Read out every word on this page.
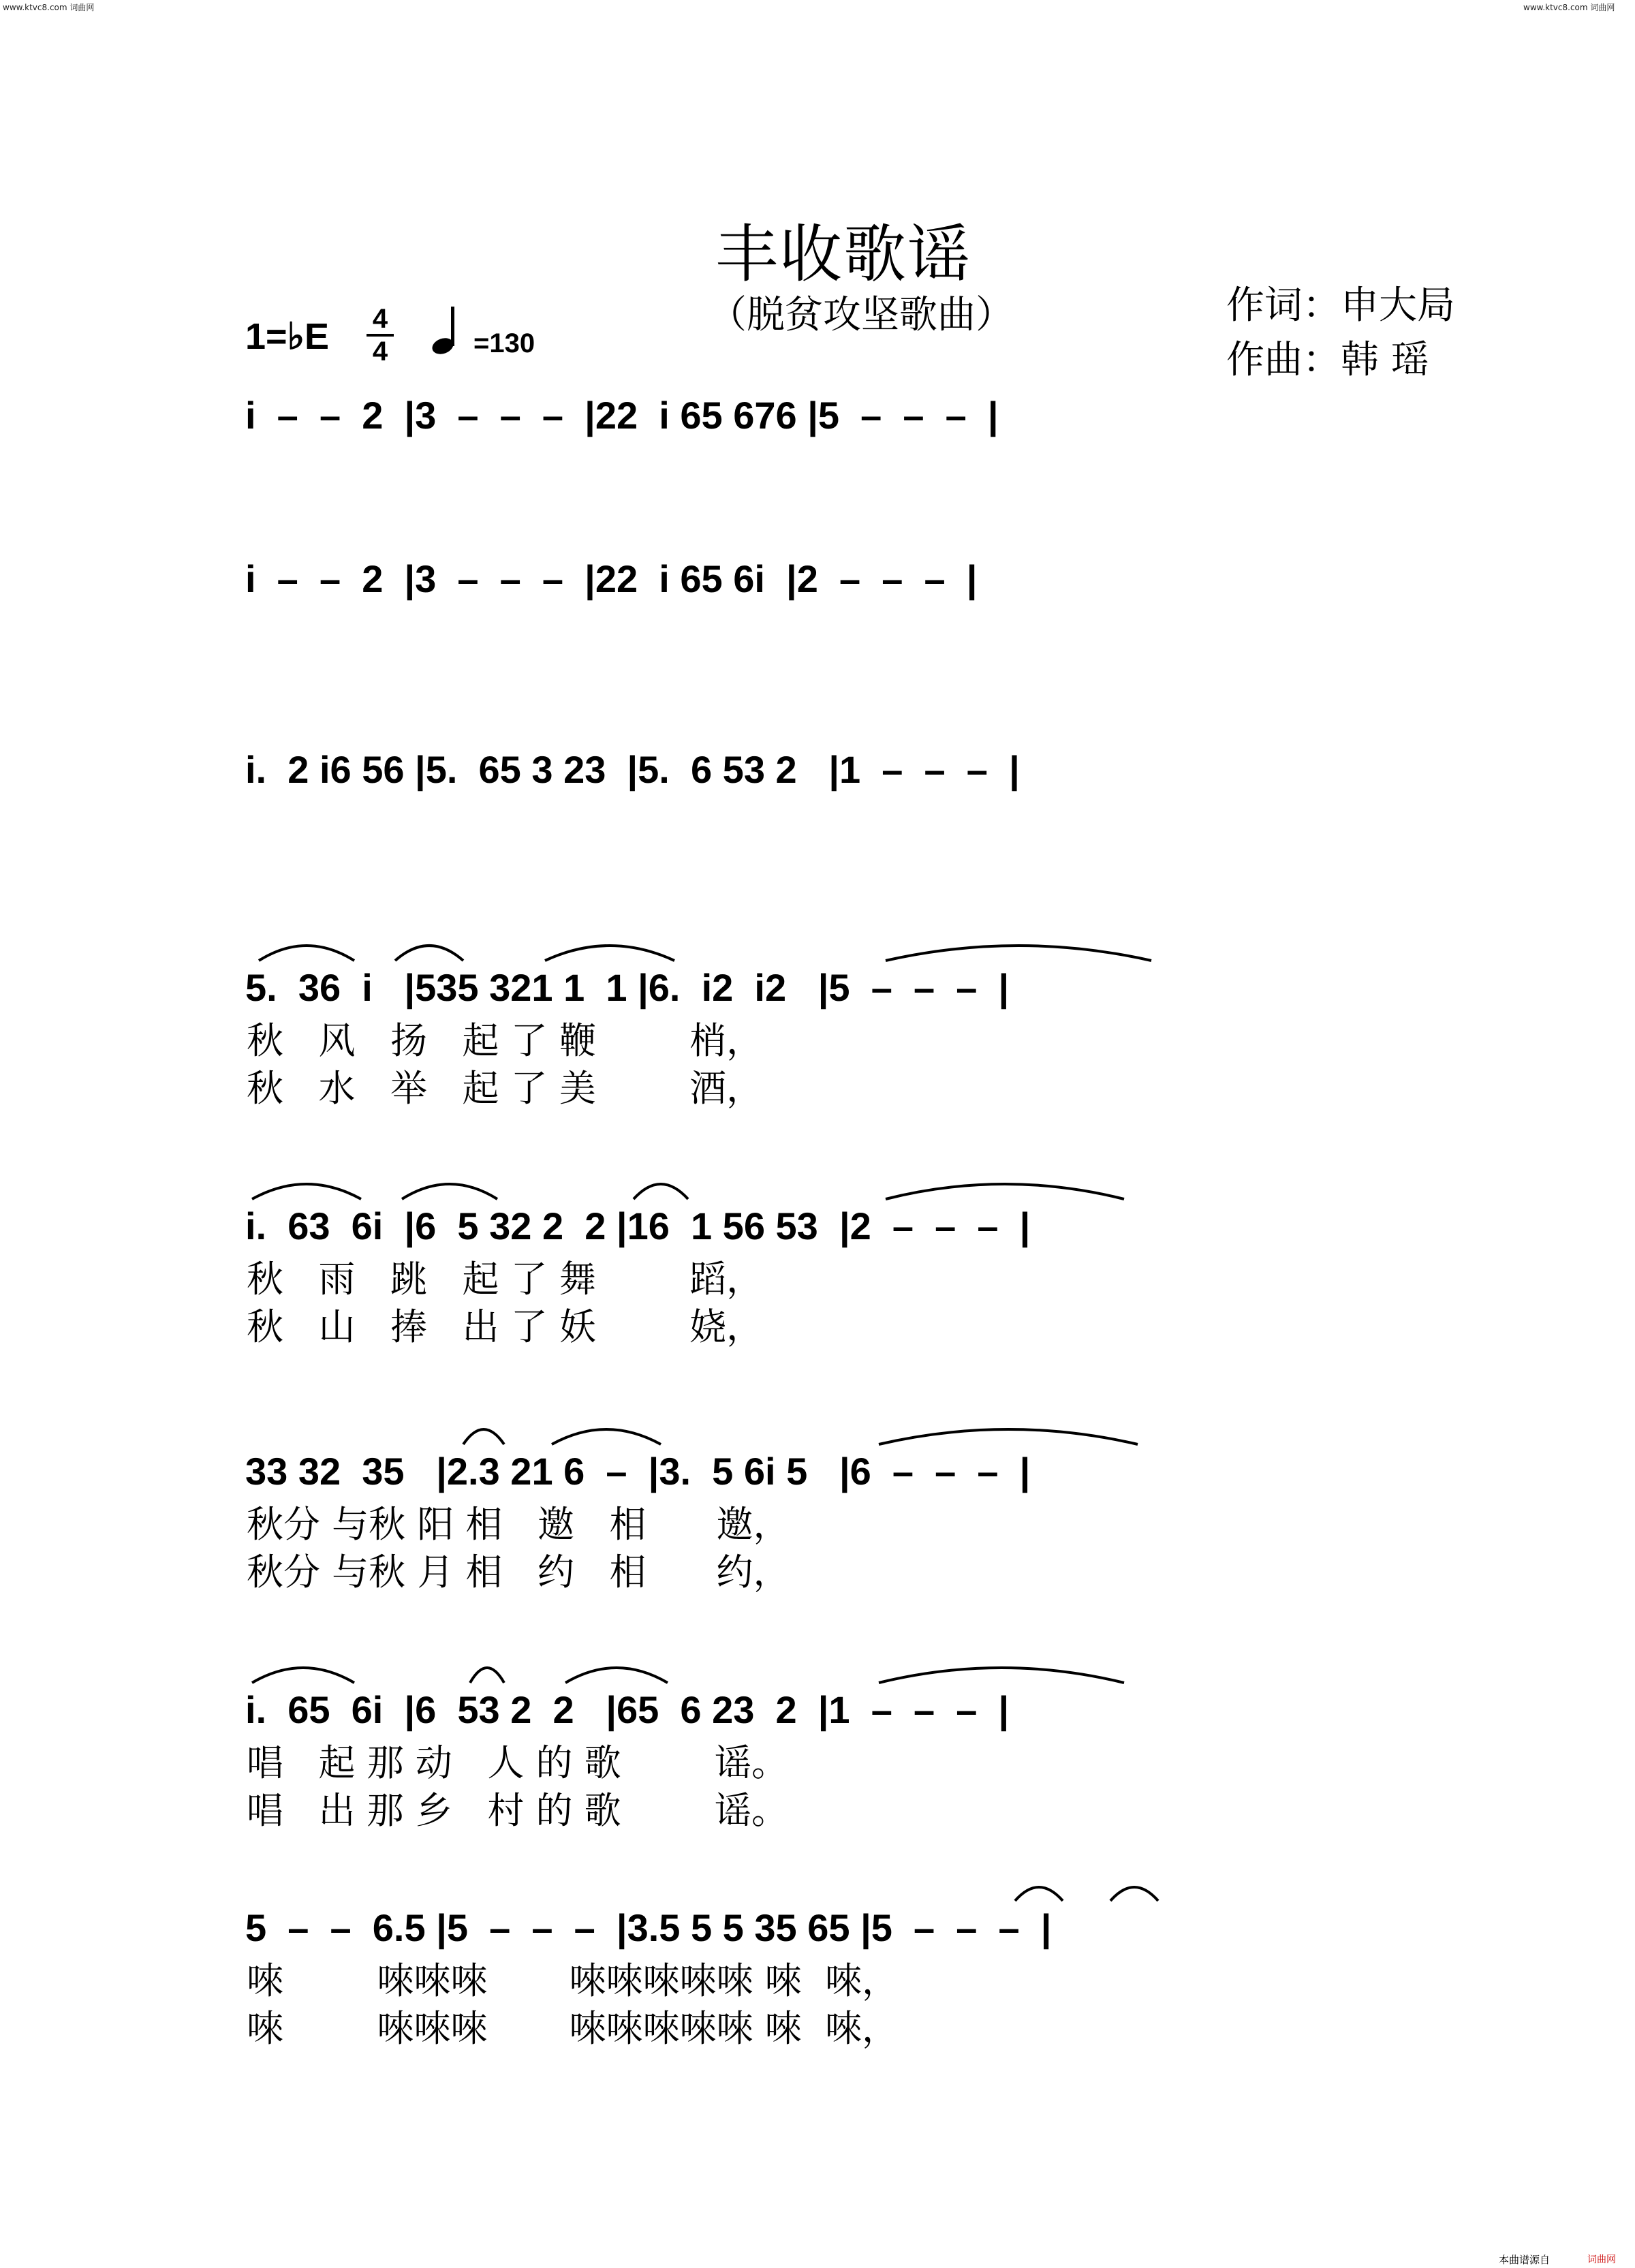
www.ktvc8.com 词曲网	www.ktvc8.com 词曲网
丰收歌谣
（脱贫攻坚歌曲）	作词：申大局
作曲：韩 瑶
1=♭E 4
4	=130
i  –  –  2  |3  –  –  –  |22  i 65 676 |5  –  –  –  |
i  –  –  2  |3  –  –  –  |22  i 65 6i  |2  –  –  –  |
i.  2 i6 56 |5.  65 3 23  |5.  6 53 2   |1  –  –  –  |
5.  36  i   |535 321 1  1 |6.  i2  i2   |5  –  –  –  |
秋   风   扬   起 了 鞭        梢，
秋   水   举   起 了 美        酒，
i.  63  6i  |6  5 32 2  2 |16  1 56 53  |2  –  –  –  |
秋   雨   跳   起 了 舞        蹈，
秋   山   捧   出 了 妖        娆，
33 32  35   |2.3 21 6  –  |3.  5 6i 5   |6  –  –  –  |
秋分 与秋 阳 相   邀   相      邀，
秋分 与秋 月 相   约   相      约，
i.  65  6i  |6  53 2  2   |65  6 23  2  |1  –  –  –  |
唱   起 那 动   人 的 歌        谣。
唱   出 那 乡   村 的 歌        谣。
5  –  –  6.5 |5  –  –  –  |3.5 5 5 35 65 |5  –  –  –  |
唻        唻唻唻       唻唻唻唻唻 唻  唻，
唻        唻唻唻       唻唻唻唻唻 唻  唻，
本曲谱源自	词曲网
